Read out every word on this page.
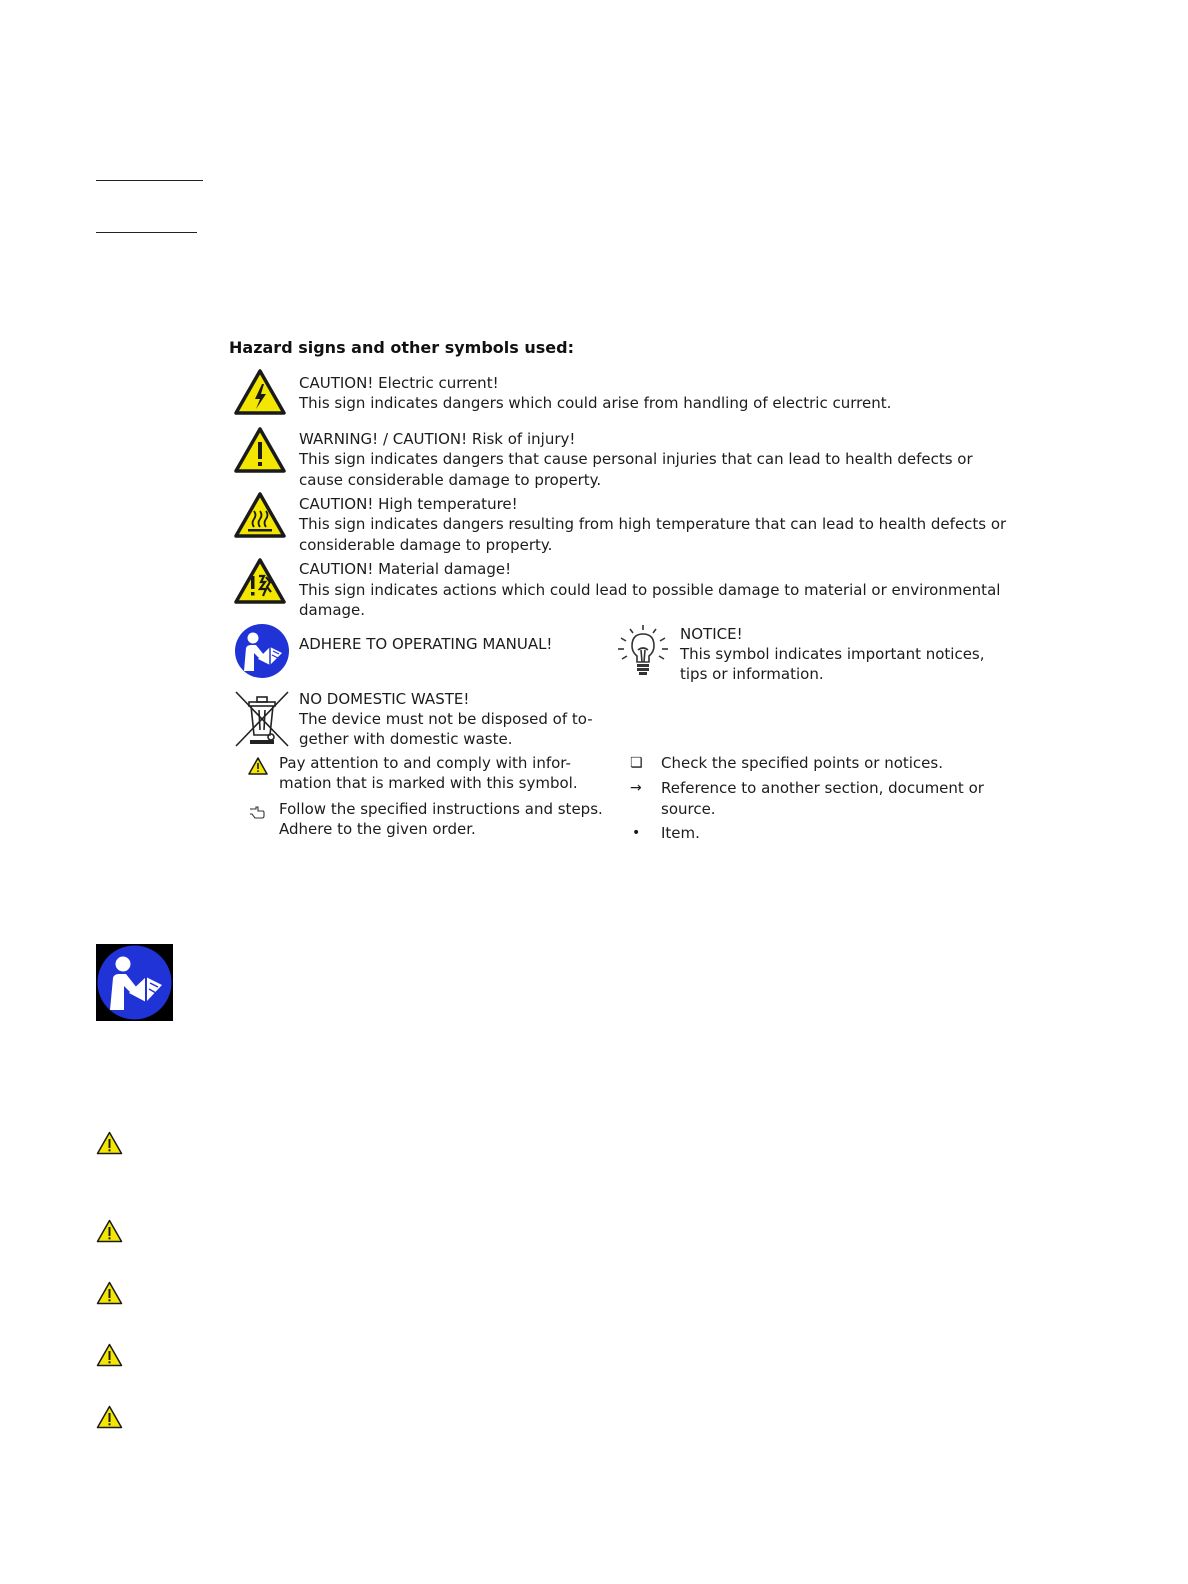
Hazard signs and other symbols used:
CAUTION! Electric current!
This sign indicates dangers which could arise from handling of electric current.
WARNING! / CAUTION! Risk of injury!
This sign indicates dangers that cause personal injuries that can lead to health defects or
cause considerable damage to property.
CAUTION! High temperature!
This sign indicates dangers resulting from high temperature that can lead to health defects or
considerable damage to property.
CAUTION! Material damage!
This sign indicates actions which could lead to possible damage to material or environmental
damage.
ADHERE TO OPERATING MANUAL!
NOTICE!
This symbol indicates important notices,
tips or information.
NO DOMESTIC WASTE!
The device must not be disposed of to-
gether with domestic waste.
Pay attention to and comply with infor-
mation that is marked with this symbol.
Follow the specified instructions and steps.
Adhere to the given order.
❏ Check the specified points or notices.
→ Reference to another section, document or
source.
• Item.
